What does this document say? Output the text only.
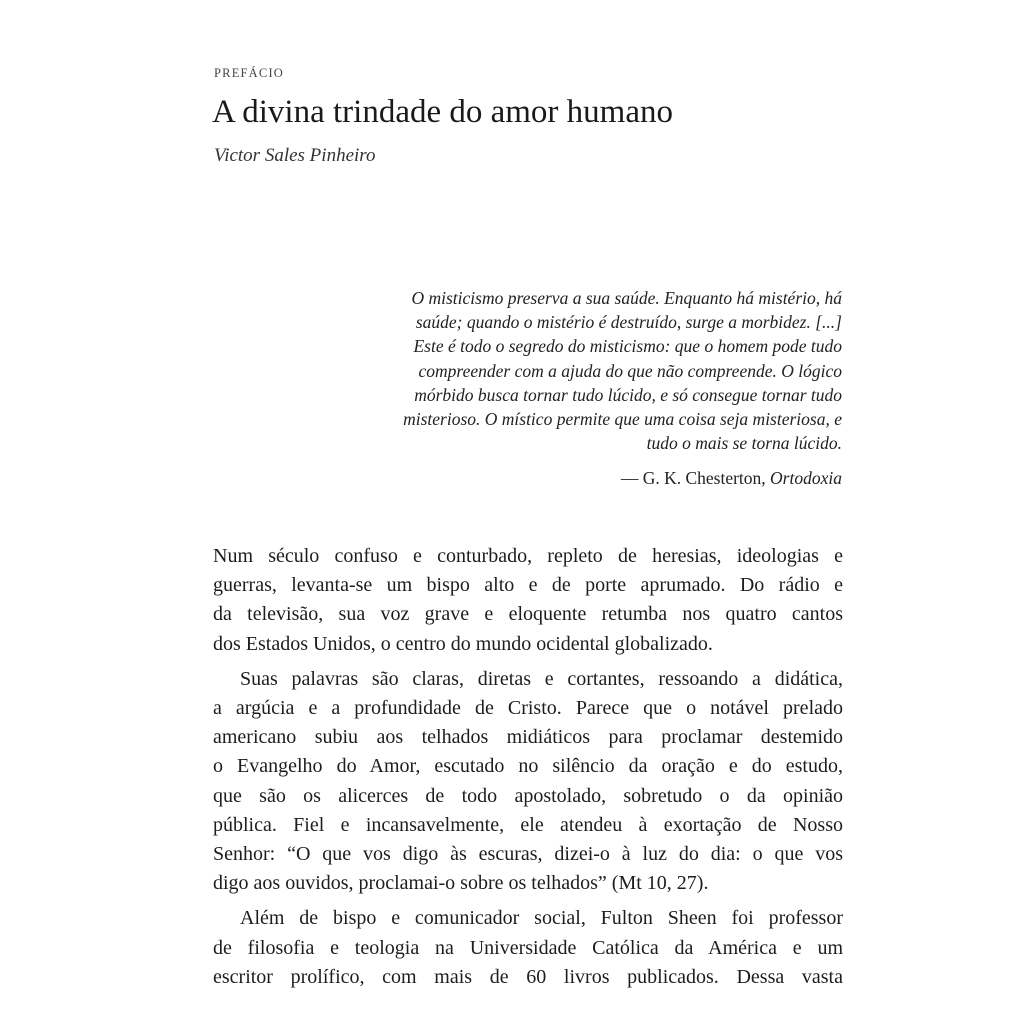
PREFÁCIO
A divina trindade do amor humano
Victor Sales Pinheiro
O misticismo preserva a sua saúde. Enquanto há mistério, há
saúde; quando o mistério é destruído, surge a morbidez. [...]
Este é todo o segredo do misticismo: que o homem pode tudo
compreender com a ajuda do que não compreende. O lógico
mórbido busca tornar tudo lúcido, e só consegue tornar tudo
misterioso. O místico permite que uma coisa seja misteriosa, e
tudo o mais se torna lúcido.
— G. K. Chesterton, Ortodoxia
Num século confuso e conturbado, repleto de heresias, ideologias e
guerras, levanta-se um bispo alto e de porte aprumado. Do rádio e
da televisão, sua voz grave e eloquente retumba nos quatro cantos
dos Estados Unidos, o centro do mundo ocidental globalizado.
Suas palavras são claras, diretas e cortantes, ressoando a didática,
a argúcia e a profundidade de Cristo. Parece que o notável prelado
americano subiu aos telhados midiáticos para proclamar destemido
o Evangelho do Amor, escutado no silêncio da oração e do estudo,
que são os alicerces de todo apostolado, sobretudo o da opinião
pública. Fiel e incansavelmente, ele atendeu à exortação de Nosso
Senhor: “O que vos digo às escuras, dizei-o à luz do dia: o que vos
digo aos ouvidos, proclamai-o sobre os telhados” (Mt 10, 27).
Além de bispo e comunicador social, Fulton Sheen foi professor
de filosofia e teologia na Universidade Católica da América e um
escritor prolífico, com mais de 60 livros publicados. Dessa vasta
